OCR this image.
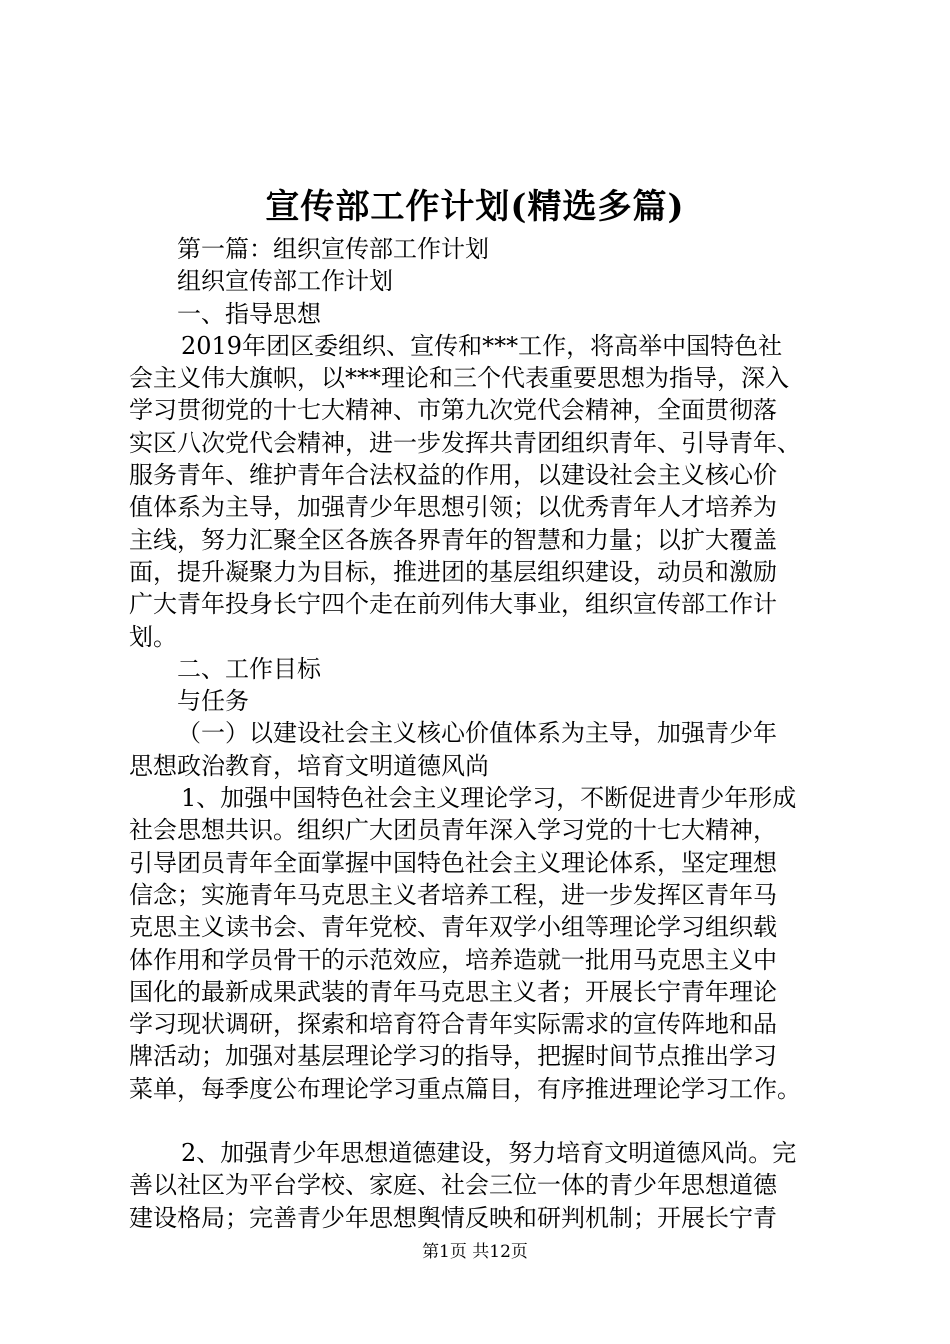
宣传部工作计划(精选多篇)
第一篇：组织宣传部工作计划
组织宣传部工作计划
一、指导思想
2019年团区委组织、宣传和***工作，将高举中国特色社
会主义伟大旗帜，以***理论和三个代表重要思想为指导，深入
学习贯彻党的十七大精神、市第九次党代会精神，全面贯彻落
实区八次党代会精神，进一步发挥共青团组织青年、引导青年、
服务青年、维护青年合法权益的作用，以建设社会主义核心价
值体系为主导，加强青少年思想引领；以优秀青年人才培养为
主线，努力汇聚全区各族各界青年的智慧和力量；以扩大覆盖
面，提升凝聚力为目标，推进团的基层组织建设，动员和激励
广大青年投身长宁四个走在前列伟大事业，组织宣传部工作计
划。
二、工作目标
与任务
（一）以建设社会主义核心价值体系为主导，加强青少年
思想政治教育，培育文明道德风尚
1、加强中国特色社会主义理论学习，不断促进青少年形成
社会思想共识。组织广大团员青年深入学习党的十七大精神，
引导团员青年全面掌握中国特色社会主义理论体系，坚定理想
信念；实施青年马克思主义者培养工程，进一步发挥区青年马
克思主义读书会、青年党校、青年双学小组等理论学习组织载
体作用和学员骨干的示范效应，培养造就一批用马克思主义中
国化的最新成果武装的青年马克思主义者；开展长宁青年理论
学习现状调研，探索和培育符合青年实际需求的宣传阵地和品
牌活动；加强对基层理论学习的指导，把握时间节点推出学习
菜单，每季度公布理论学习重点篇目，有序推进理论学习工作。
2、加强青少年思想道德建设，努力培育文明道德风尚。完
善以社区为平台学校、家庭、社会三位一体的青少年思想道德
建设格局；完善青少年思想舆情反映和研判机制；开展长宁青
第1页 共12页
